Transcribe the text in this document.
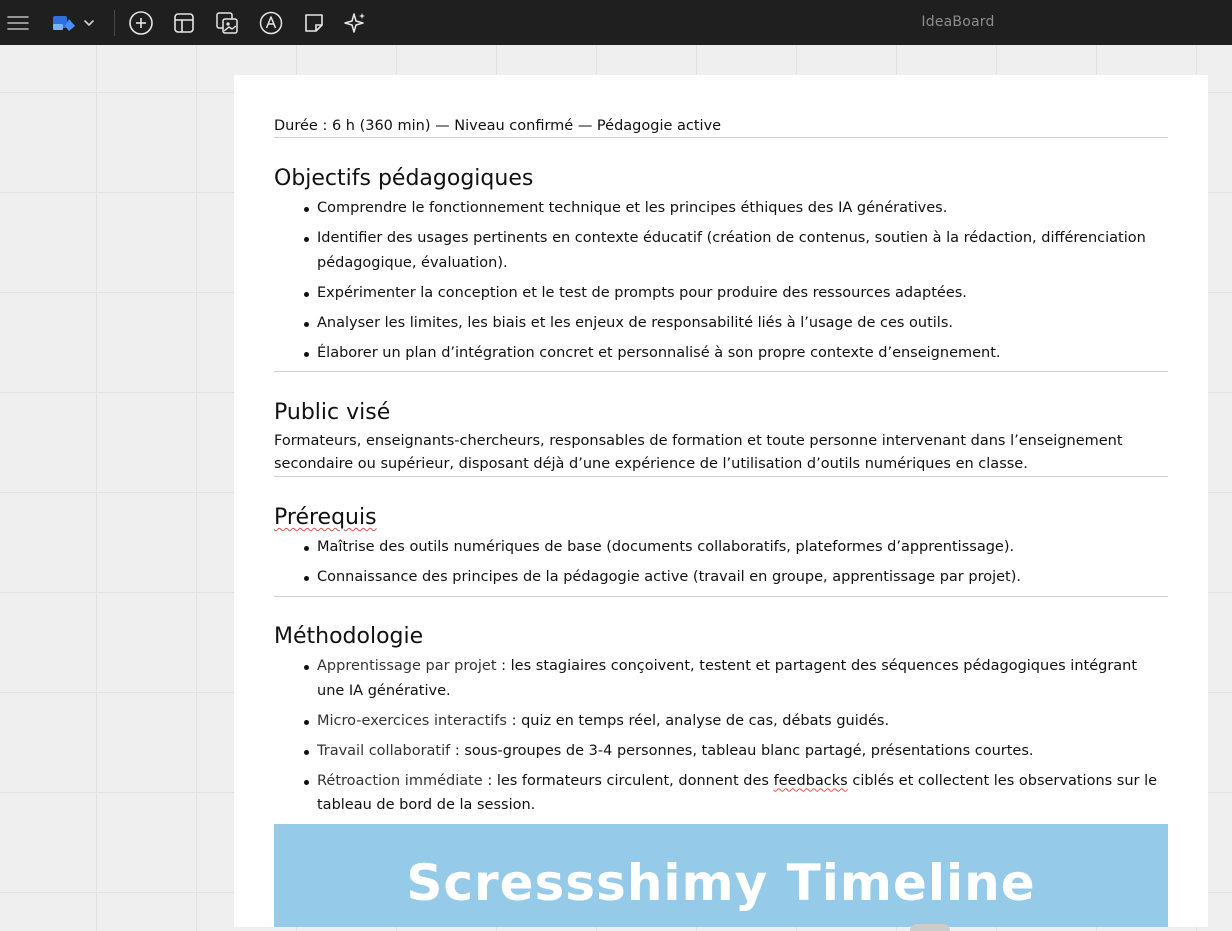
IdeaBoard
Durée : 6 h (360 min) — Niveau confirmé — Pédagogie active
Objectifs pédagogiques
Comprendre le fonctionnement technique et les principes éthiques des IA génératives.
Identifier des usages pertinents en contexte éducatif (création de contenus, soutien à la rédaction, différenciation pédagogique, évaluation).
Expérimenter la conception et le test de prompts pour produire des ressources adaptées.
Analyser les limites, les biais et les enjeux de responsabilité liés à l’usage de ces outils.
Élaborer un plan d’intégration concret et personnalisé à son propre contexte d’enseignement.
Public visé

Formateurs, enseignants-chercheurs, responsables de formation et toute personne intervenant dans l’enseignement secondaire ou supérieur, disposant déjà d’une expérience de l’utilisation d’outils numériques en classe.

Prérequis
Maîtrise des outils numériques de base (documents collaboratifs, plateformes d’apprentissage).
Connaissance des principes de la pédagogie active (travail en groupe, apprentissage par projet).
Méthodologie
Apprentissage par projet : les stagiaires conçoivent, testent et partagent des séquences pédagogiques intégrant une IA générative.
Micro-exercices interactifs : quiz en temps réel, analyse de cas, débats guidés.
Travail collaboratif : sous-groupes de 3-4 personnes, tableau blanc partagé, présentations courtes.
Rétroaction immédiate : les formateurs circulent, donnent des feedbacks ciblés et collectent les observations sur le tableau de bord de la session.
Scressshimy Timeline
